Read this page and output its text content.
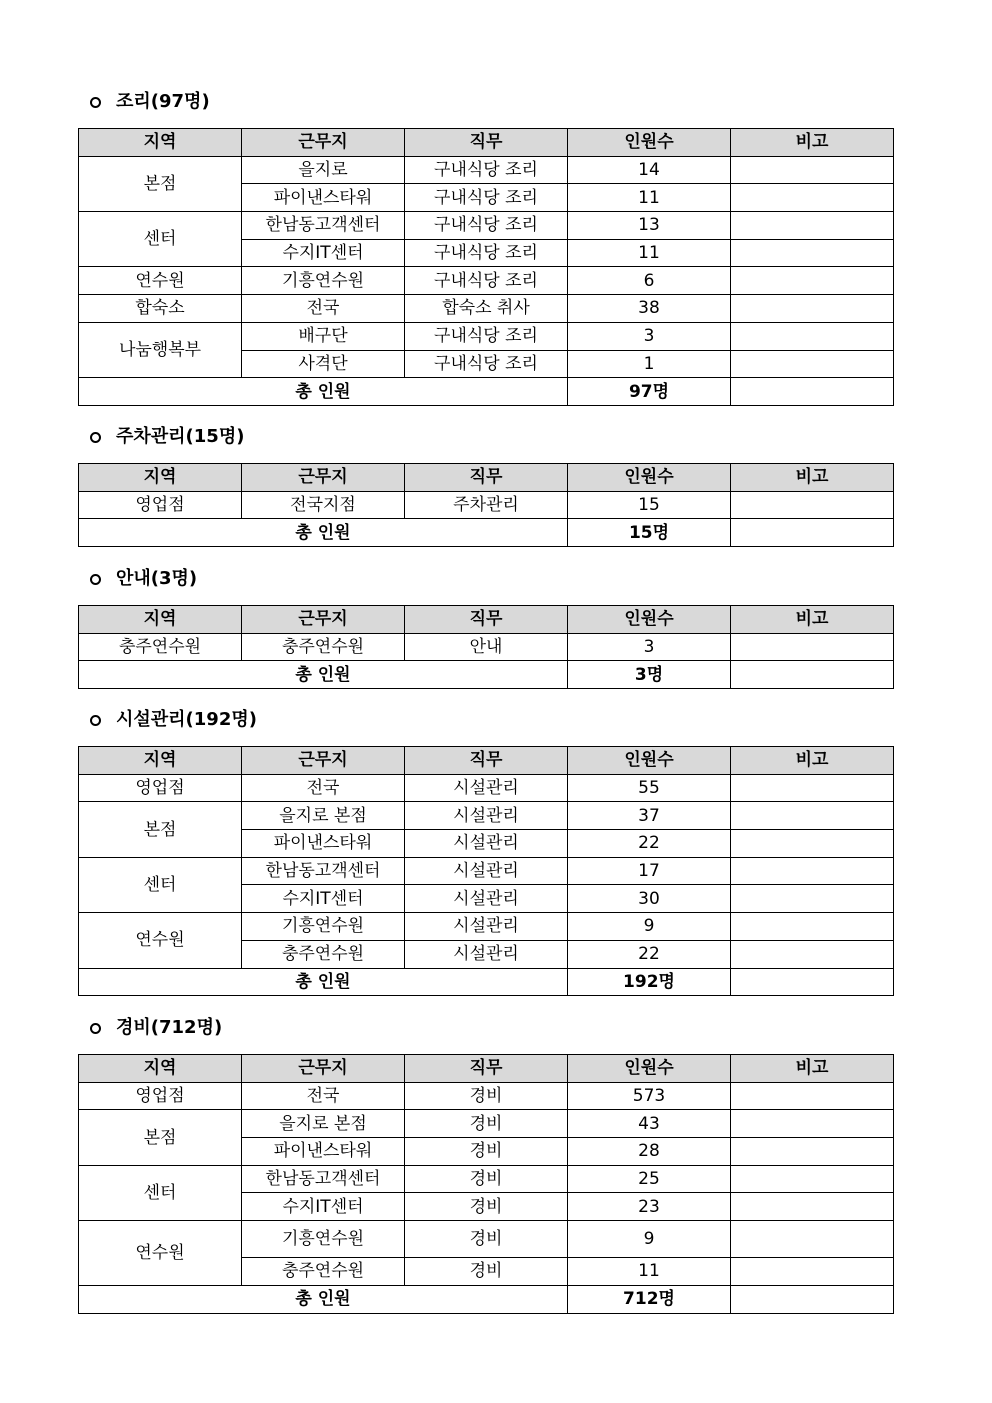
조리(97명)
지역	근무지	직무	인원수	비고
본점	을지로	구내식당 조리	14	
	파이낸스타워	구내식당 조리	11	
센터	한남동고객센터	구내식당 조리	13	
	수지IT센터	구내식당 조리	11	
연수원	기흥연수원	구내식당 조리	6	
합숙소	전국	합숙소 취사	38	
나눔행복부	배구단	구내식당 조리	3	
	사격단	구내식당 조리	1	
총 인원			97명	
주차관리(15명)
지역	근무지	직무	인원수	비고
영업점	전국지점	주차관리	15	
총 인원			15명	
안내(3명)
지역	근무지	직무	인원수	비고
충주연수원	충주연수원	안내	3	
총 인원			3명	
시설관리(192명)
지역	근무지	직무	인원수	비고
영업점	전국	시설관리	55	
본점	을지로 본점	시설관리	37	
	파이낸스타워	시설관리	22	
센터	한남동고객센터	시설관리	17	
	수지IT센터	시설관리	30	
연수원	기흥연수원	시설관리	9	
	충주연수원	시설관리	22	
총 인원			192명	
경비(712명)
지역	근무지	직무	인원수	비고
영업점	전국	경비	573	
본점	을지로 본점	경비	43	
	파이낸스타워	경비	28	
센터	한남동고객센터	경비	25	
	수지IT센터	경비	23	
연수원	기흥연수원	경비	9	
	충주연수원	경비	11	
총 인원			712명	
